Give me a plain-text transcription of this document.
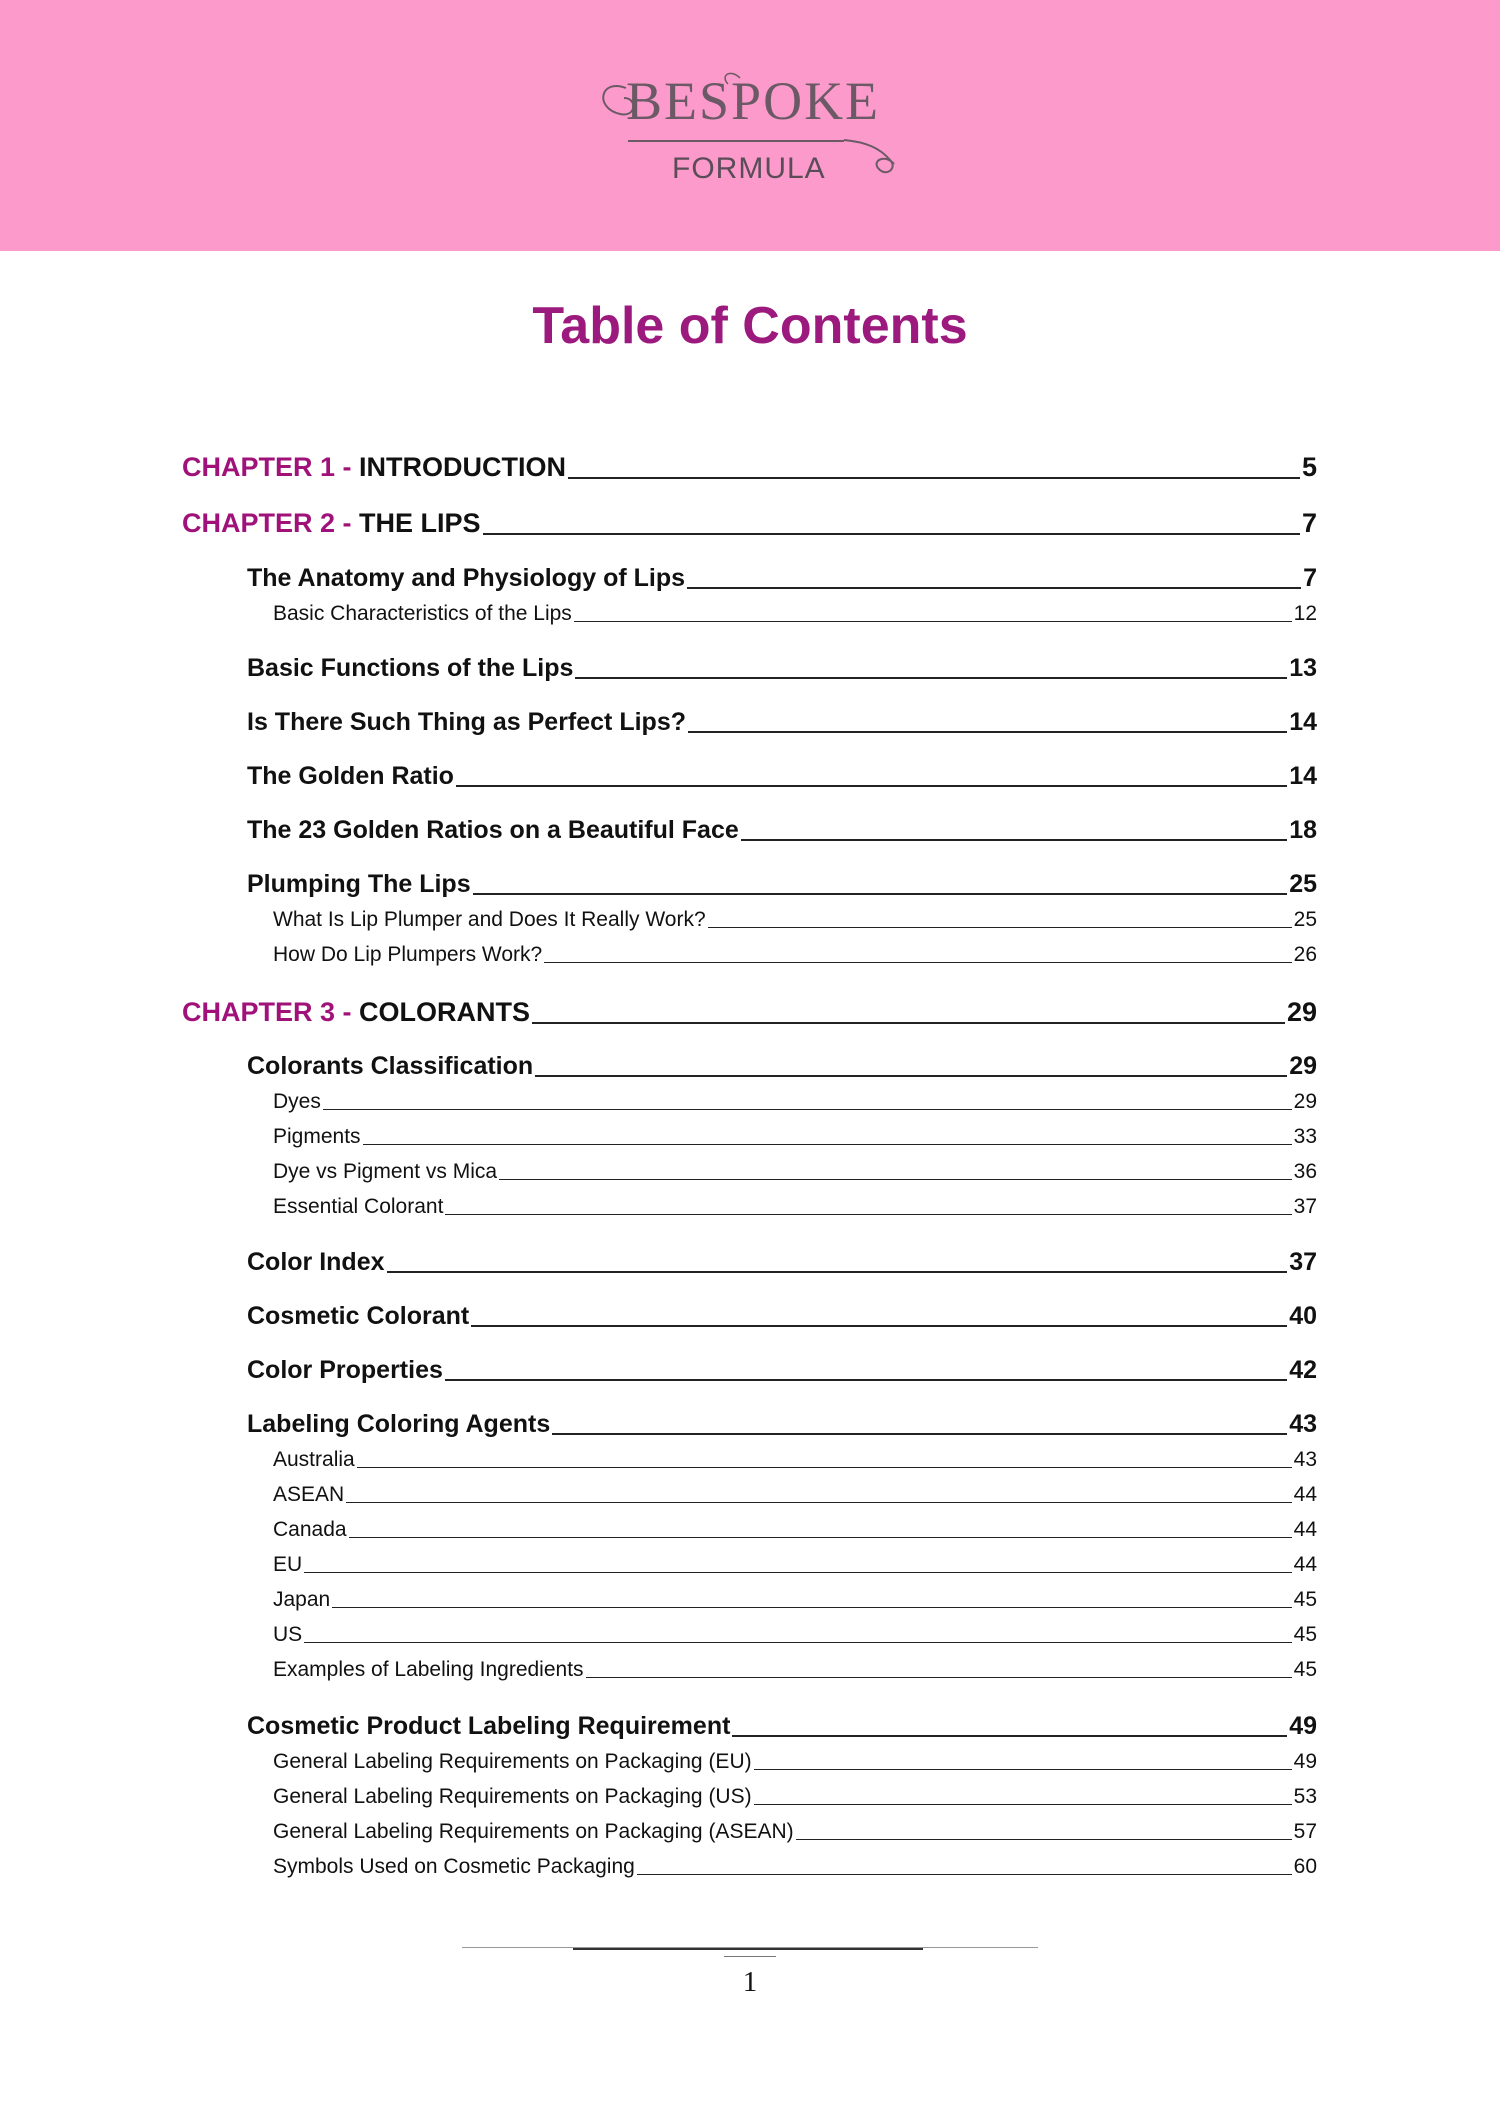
BESPOKE
FORMULA
Table of Contents
CHAPTER 1 - INTRODUCTION	5
CHAPTER 2 - THE LIPS	7
The Anatomy and Physiology of Lips	7
Basic Characteristics of the Lips	12
Basic Functions of the Lips	13
Is There Such Thing as Perfect Lips?	14
The Golden Ratio	14
The 23 Golden Ratios on a Beautiful Face	18
Plumping The Lips	25
What Is Lip Plumper and Does It Really Work?	25
How Do Lip Plumpers Work?	26
CHAPTER 3 - COLORANTS	29
Colorants Classification	29
Dyes	29
Pigments	33
Dye vs Pigment vs Mica	36
Essential Colorant	37
Color Index	37
Cosmetic Colorant	40
Color Properties	42
Labeling Coloring Agents	43
Australia	43
ASEAN	44
Canada	44
EU	44
Japan	45
US	45
Examples of Labeling Ingredients	45
Cosmetic Product Labeling Requirement	49
General Labeling Requirements on Packaging (EU)	49
General Labeling Requirements on Packaging (US)	53
General Labeling Requirements on Packaging (ASEAN)	57
Symbols Used on Cosmetic Packaging	60
1
